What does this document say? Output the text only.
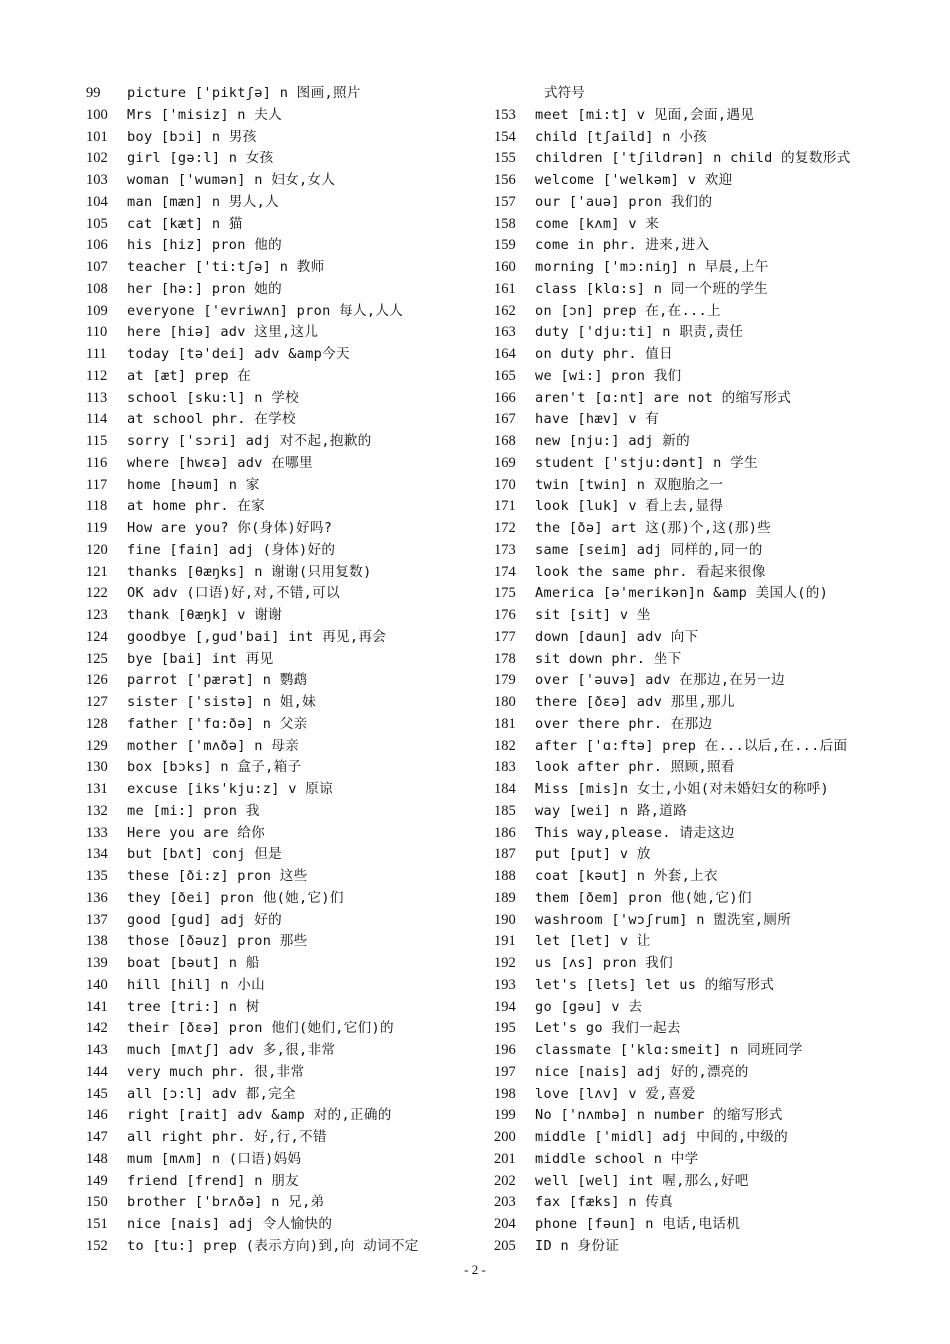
99	picture ['piktʃə] n 图画,照片
100	Mrs ['misiz] n 夫人
101	boy [bɔi] n 男孩
102	girl [gə:l] n 女孩
103	woman ['wumən] n 妇女,女人
104	man [mæn] n 男人,人
105	cat [kæt] n 猫
106	his [hiz] pron 他的
107	teacher ['ti:tʃə] n 教师
108	her [hə:] pron 她的
109	everyone ['evriwʌn] pron 每人,人人
110	here [hiə] adv 这里,这儿
111	today [tə'dei] adv &amp今天
112	at [æt] prep 在
113	school [sku:l] n 学校
114	at school phr. 在学校
115	sorry ['sɔri] adj 对不起,抱歉的
116	where [hwεə] adv 在哪里
117	home [həum] n 家
118	at home phr. 在家
119	How are you? 你(身体)好吗?
120	fine [fain] adj (身体)好的
121	thanks [θæŋks] n 谢谢(只用复数)
122	OK adv (口语)好,对,不错,可以
123	thank [θæŋk] v 谢谢
124	goodbye [,gud'bai] int 再见,再会
125	bye [bai] int 再见
126	parrot ['pærət] n 鹦鹉
127	sister ['sistə] n 姐,妹
128	father ['fɑ:ðə] n 父亲
129	mother ['mʌðə] n 母亲
130	box [bɔks] n 盒子,箱子
131	excuse [iks'kju:z] v 原谅
132	me [mi:] pron 我
133	Here you are 给你
134	but [bʌt] conj 但是
135	these [ði:z] pron 这些
136	they [ðei] pron 他(她,它)们
137	good [gud] adj 好的
138	those [ðəuz] pron 那些
139	boat [bəut] n 船
140	hill [hil] n 小山
141	tree [tri:] n 树
142	their [ðεə] pron 他们(她们,它们)的
143	much [mʌtʃ] adv 多,很,非常
144	very much phr. 很,非常
145	all [ɔ:l] adv 都,完全
146	right [rait] adv &amp 对的,正确的
147	all right phr. 好,行,不错
148	mum [mʌm] n (口语)妈妈
149	friend [frend] n 朋友
150	brother ['brʌðə] n 兄,弟
151	nice [nais] adj 令人愉快的
152	to [tu:] prep (表示方向)到,向 动词不定
式符号
153	meet [mi:t] v 见面,会面,遇见
154	child [tʃaild] n 小孩
155	children ['tʃildrən] n child 的复数形式
156	welcome ['welkəm] v 欢迎
157	our ['auə] pron 我们的
158	come [kʌm] v 来
159	come in phr. 进来,进入
160	morning ['mɔ:niŋ] n 早晨,上午
161	class [klɑ:s] n 同一个班的学生
162	on [ɔn] prep 在,在...上
163	duty ['dju:ti] n 职责,责任
164	on duty phr. 值日
165	we [wi:] pron 我们
166	aren't [ɑ:nt] are not 的缩写形式
167	have [hæv] v 有
168	new [nju:] adj 新的
169	student ['stju:dənt] n 学生
170	twin [twin] n 双胞胎之一
171	look [luk] v 看上去,显得
172	the [ðə] art 这(那)个,这(那)些
173	same [seim] adj 同样的,同一的
174	look the same phr. 看起来很像
175	America [ə'merikən]n &amp 美国人(的)
176	sit [sit] v 坐
177	down [daun] adv 向下
178	sit down phr. 坐下
179	over ['əuvə] adv 在那边,在另一边
180	there [ðεə] adv 那里,那儿
181	over there phr. 在那边
182	after ['ɑ:ftə] prep 在...以后,在...后面
183	look after phr. 照顾,照看
184	Miss [mis]n 女士,小姐(对未婚妇女的称呼)
185	way [wei] n 路,道路
186	This way,please. 请走这边
187	put [put] v 放
188	coat [kəut] n 外套,上衣
189	them [ðem] pron 他(她,它)们
190	washroom ['wɔʃrum] n 盥洗室,厕所
191	let [let] v 让
192	us [ʌs] pron 我们
193	let's [lets] let us 的缩写形式
194	go [gəu] v 去
195	Let's go 我们一起去
196	classmate ['klɑ:smeit] n 同班同学
197	nice [nais] adj 好的,漂亮的
198	love [lʌv] v 爱,喜爱
199	No ['nʌmbə] n number 的缩写形式
200	middle ['midl] adj 中间的,中级的
201	middle school n 中学
202	well [wel] int 喔,那么,好吧
203	fax [fæks] n 传真
204	phone [fəun] n 电话,电话机
205	ID n 身份证
- 2 -
